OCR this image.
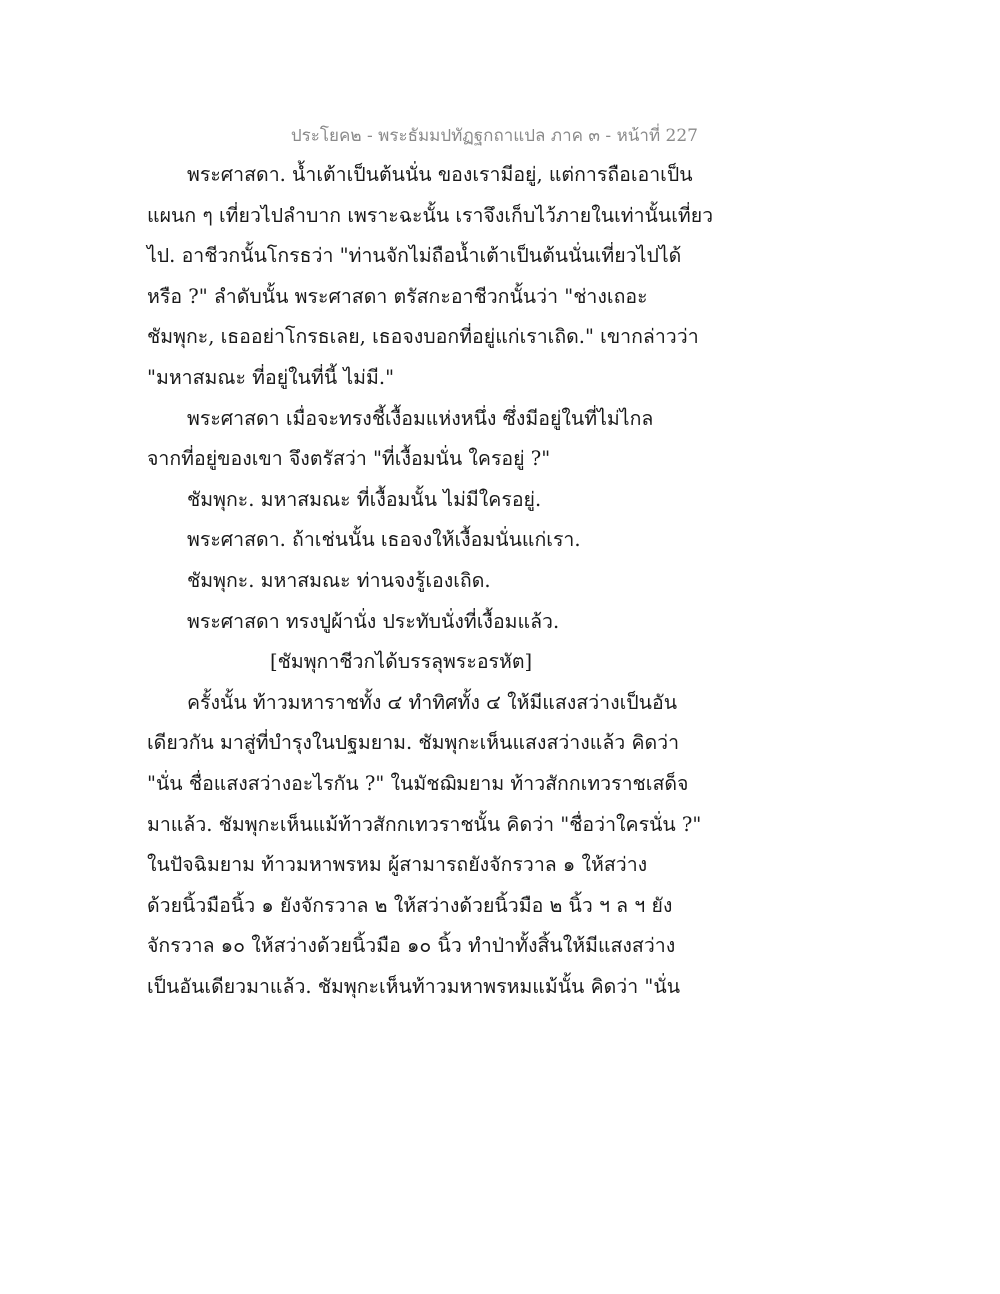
ประโยค๒ - พระธัมมปทัฏฐกถาแปล ภาค ๓ - หน้าที่ 227
พระศาสดา. น้ำเต้าเป็นต้นนั่น ของเรามีอยู่, แต่การถือเอาเป็น
แผนก ๆ เที่ยวไปลำบาก เพราะฉะนั้น เราจึงเก็บไว้ภายในเท่านั้นเที่ยว
ไป. อาชีวกนั้นโกรธว่า "ท่านจักไม่ถือน้ำเต้าเป็นต้นนั่นเที่ยวไปได้
หรือ ?" ลำดับนั้น พระศาสดา ตรัสกะอาชีวกนั้นว่า "ช่างเถอะ
ชัมพุกะ, เธออย่าโกรธเลย, เธอจงบอกที่อยู่แก่เราเถิด." เขากล่าวว่า
"มหาสมณะ ที่อยู่ในที่นี้ ไม่มี."
พระศาสดา เมื่อจะทรงชี้เงื้อมแห่งหนึ่ง ซึ่งมีอยู่ในที่ไม่ไกล
จากที่อยู่ของเขา จึงตรัสว่า "ที่เงื้อมนั่น ใครอยู่ ?"
ชัมพุกะ. มหาสมณะ ที่เงื้อมนั้น ไม่มีใครอยู่.
พระศาสดา. ถ้าเช่นนั้น เธอจงให้เงื้อมนั่นแก่เรา.
ชัมพุกะ. มหาสมณะ ท่านจงรู้เองเถิด.
พระศาสดา ทรงปูผ้านั่ง ประทับนั่งที่เงื้อมแล้ว.
[ชัมพุกาชีวกได้บรรลุพระอรหัต]
ครั้งนั้น ท้าวมหาราชทั้ง ๔ ทำทิศทั้ง ๔ ให้มีแสงสว่างเป็นอัน
เดียวกัน มาสู่ที่บำรุงในปฐมยาม. ชัมพุกะเห็นแสงสว่างแล้ว คิดว่า
"นั่น ชื่อแสงสว่างอะไรกัน ?" ในมัชฌิมยาม ท้าวสักกเทวราชเสด็จ
มาแล้ว. ชัมพุกะเห็นแม้ท้าวสักกเทวราชนั้น คิดว่า "ชื่อว่าใครนั่น ?"
ในปัจฉิมยาม ท้าวมหาพรหม ผู้สามารถยังจักรวาล ๑ ให้สว่าง
ด้วยนิ้วมือนิ้ว ๑ ยังจักรวาล ๒ ให้สว่างด้วยนิ้วมือ ๒ นิ้ว ฯ ล ฯ ยัง
จักรวาล ๑๐ ให้สว่างด้วยนิ้วมือ ๑๐ นิ้ว ทำป่าทั้งสิ้นให้มีแสงสว่าง
เป็นอันเดียวมาแล้ว. ชัมพุกะเห็นท้าวมหาพรหมแม้นั้น คิดว่า "นั่น
